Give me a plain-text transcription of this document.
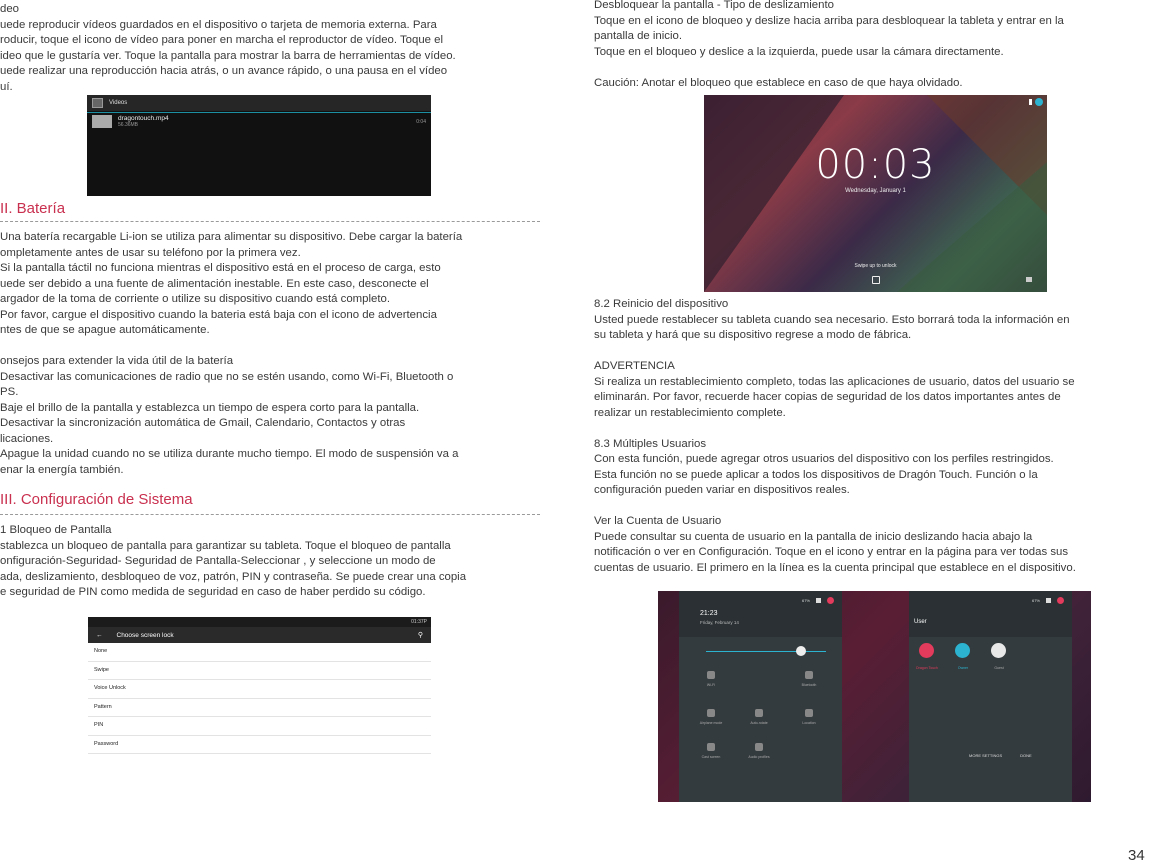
deo

uede reproducir vídeos guardados en el dispositivo o tarjeta de memoria externa. Para

roducir, toque el icono de vídeo para poner en marcha el reproductor de vídeo. Toque el

ideo que le gustaría ver. Toque la pantalla para mostrar la barra de herramientas de vídeo.

uede realizar una reproducción hacia atrás, o un avance rápido, o una pausa en el vídeo

uí.

Videos
dragontouch.mp4
56.36MB
0:04
II. Batería

Una batería recargable Li-ion se utiliza para alimentar su dispositivo. Debe cargar la batería

ompletamente antes de usar su teléfono por la primera vez.

Si la pantalla táctil no funciona mientras el dispositivo está en el proceso de carga, esto

uede ser debido a una fuente de alimentación inestable. En este caso, desconecte el

argador de la toma de corriente o utilize su dispositivo cuando está completo.

Por favor, cargue el dispositivo cuando la bateria está baja con el icono de advertencia

ntes de que se apague automáticamente.

onsejos para extender la vida útil de la batería

Desactivar las comunicaciones de radio que no se estén usando, como Wi-Fi, Bluetooth o

PS.

Baje el brillo de la pantalla y establezca un tiempo de espera corto para la pantalla.

Desactivar la sincronización automática de Gmail, Calendario, Contactos y otras

licaciones.

Apague la unidad cuando no se utiliza durante mucho tiempo. El modo de suspensión va a

enar la energía también.

III. Configuración de Sistema

1 Bloqueo de Pantalla

stablezca un bloqueo de pantalla para garantizar su tableta. Toque el bloqueo de pantalla

onfiguración-Seguridad- Seguridad de Pantalla-Seleccionar , y seleccione un modo de

ada, deslizamiento, desbloqueo de voz, patrón, PIN y contraseña. Se puede crear una copia

e seguridad de PIN como medida de seguridad en caso de haber perdido su código.

01:37P
← Choose screen lock	⚲
None
Swipe
Voice Unlock
Pattern
PIN
Password

Desbloquear la pantalla - Tipo de deslizamiento

Toque en el icono de bloqueo y deslize hacia arriba para desbloquear la tableta y entrar en la

pantalla de inicio.

Toque en el bloqueo y deslice a la izquierda, puede usar la cámara directamente.

Caución: Anotar el bloqueo que establece en caso de que haya olvidado.

00:03
Wednesday, January 1
Swipe up to unlock

8.2 Reinicio del dispositivo

Usted puede restablecer su tableta cuando sea necesario. Esto borrará toda la información en

su tableta y hará que su dispositivo regrese a modo de fábrica.

ADVERTENCIA

Si realiza un restablecimiento completo, todas las aplicaciones de usuario, datos del usuario se

eliminarán. Por favor, recuerde hacer copias de seguridad de los datos importantes antes de

realizar un restablecimiento complete.

8.3 Múltiples Usuarios

Con esta función, puede agregar otros usuarios del dispositivo con los perfiles restringidos.

Esta función no se puede aplicar a todos los dispositivos de Dragón Touch. Función o la

configuración pueden variar en dispositivos reales.

Ver la Cuenta de Usuario

Puede consultar su cuenta de usuario en la pantalla de inicio deslizando hacia abajo la

notificación o ver en Configuración. Toque en el icono y entrar en la página para ver todas sus

cuentas de usuario. El primero en la línea es la cuenta principal que establece en el dispositivo.

21:23
Friday, February 14
67%
Wi-Fi	Bluetooth
Airplane mode	Auto-rotate	Location
Cast screen	Audio profiles
67%
User
Dragon Touch	Owner	Guest
MORE SETTINGS	DONE
34
